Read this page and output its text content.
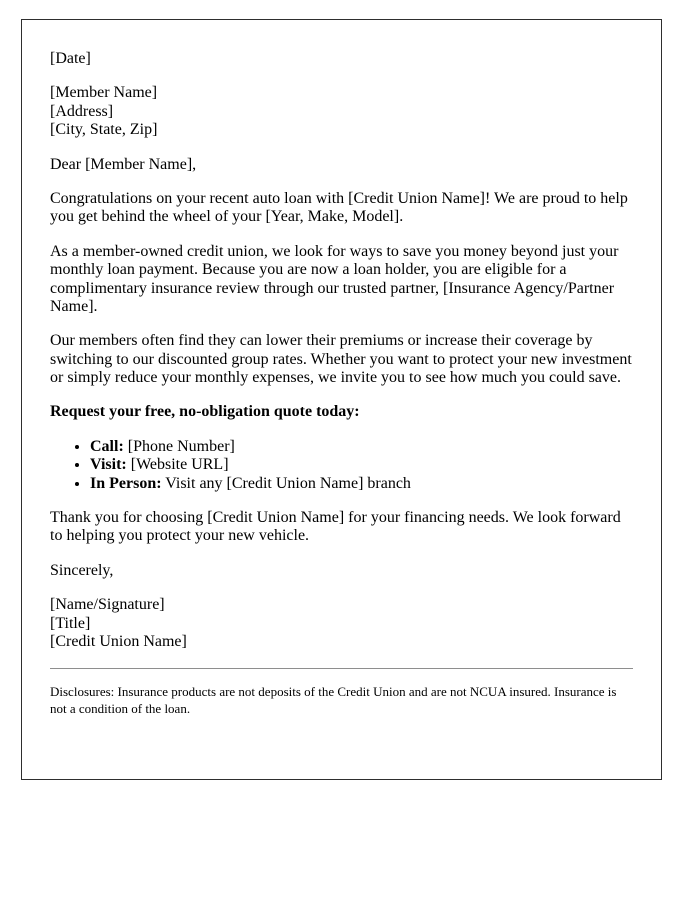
[Date]

[Member Name]
[Address]
[City, State, Zip]

Dear [Member Name],

Congratulations on your recent auto loan with [Credit Union Name]! We are proud to help you get behind the wheel of your [Year, Make, Model].

As a member-owned credit union, we look for ways to save you money beyond just your monthly loan payment. Because you are now a loan holder, you are eligible for a complimentary insurance review through our trusted partner, [Insurance Agency/Partner Name].

Our members often find they can lower their premiums or increase their coverage by switching to our discounted group rates. Whether you want to protect your new investment or simply reduce your monthly expenses, we invite you to see how much you could save.

Request your free, no-obligation quote today:

• Call: [Phone Number]
• Visit: [Website URL]
• In Person: Visit any [Credit Union Name] branch

Thank you for choosing [Credit Union Name] for your financing needs. We look forward to helping you protect your new vehicle.

Sincerely,

[Name/Signature]
[Title]
[Credit Union Name]

Disclosures: Insurance products are not deposits of the Credit Union and are not NCUA insured. Insurance is not a condition of the loan.
